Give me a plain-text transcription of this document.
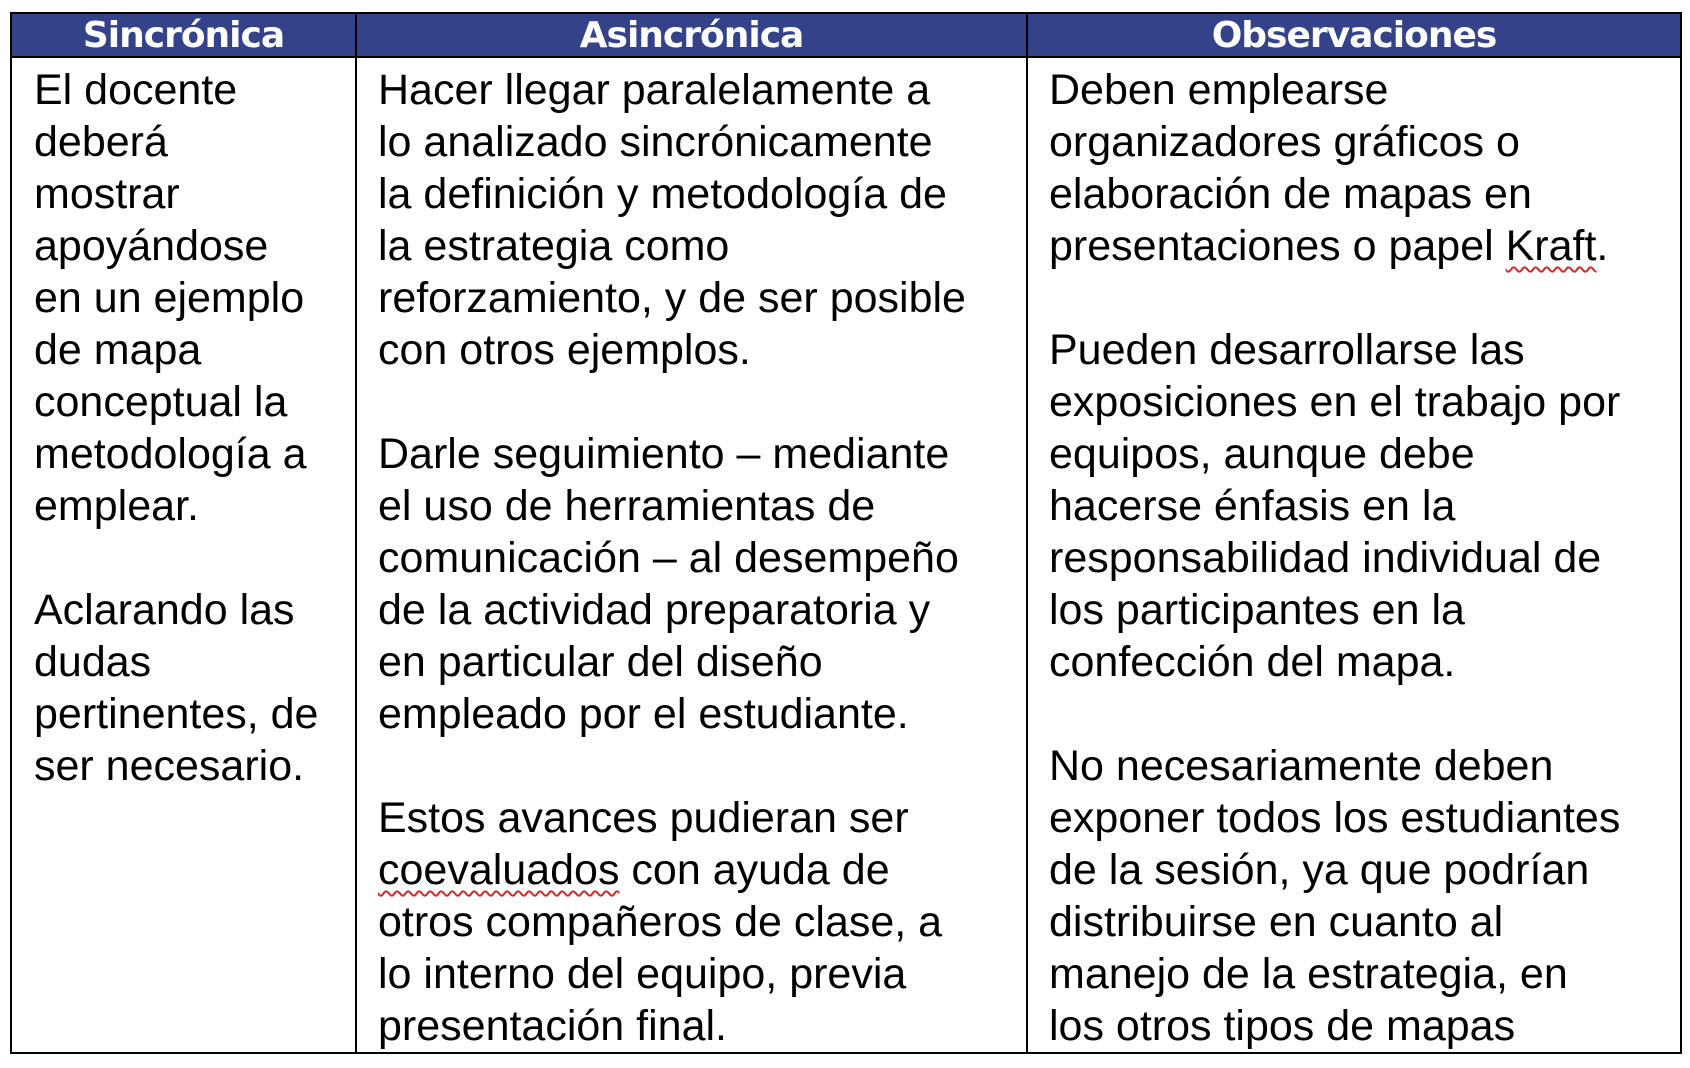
Sincrónica	Asincrónica	Observaciones
El docente
deberá
mostrar
apoyándose
en un ejemplo
de mapa
conceptual la
metodología a
emplear.
Aclarando las
dudas
pertinentes, de
ser necesario.
Hacer llegar paralelamente a
lo analizado sincrónicamente
la definición y metodología de
la estrategia como
reforzamiento, y de ser posible
con otros ejemplos.
Darle seguimiento – mediante
el uso de herramientas de
comunicación – al desempeño
de la actividad preparatoria y
en particular del diseño
empleado por el estudiante.
Estos avances pudieran ser
coevaluados con ayuda de
otros compañeros de clase, a
lo interno del equipo, previa
presentación final.
Deben emplearse
organizadores gráficos o
elaboración de mapas en
presentaciones o papel Kraft.
Pueden desarrollarse las
exposiciones en el trabajo por
equipos, aunque debe
hacerse énfasis en la
responsabilidad individual de
los participantes en la
confección del mapa.
No necesariamente deben
exponer todos los estudiantes
de la sesión, ya que podrían
distribuirse en cuanto al
manejo de la estrategia, en
los otros tipos de mapas
